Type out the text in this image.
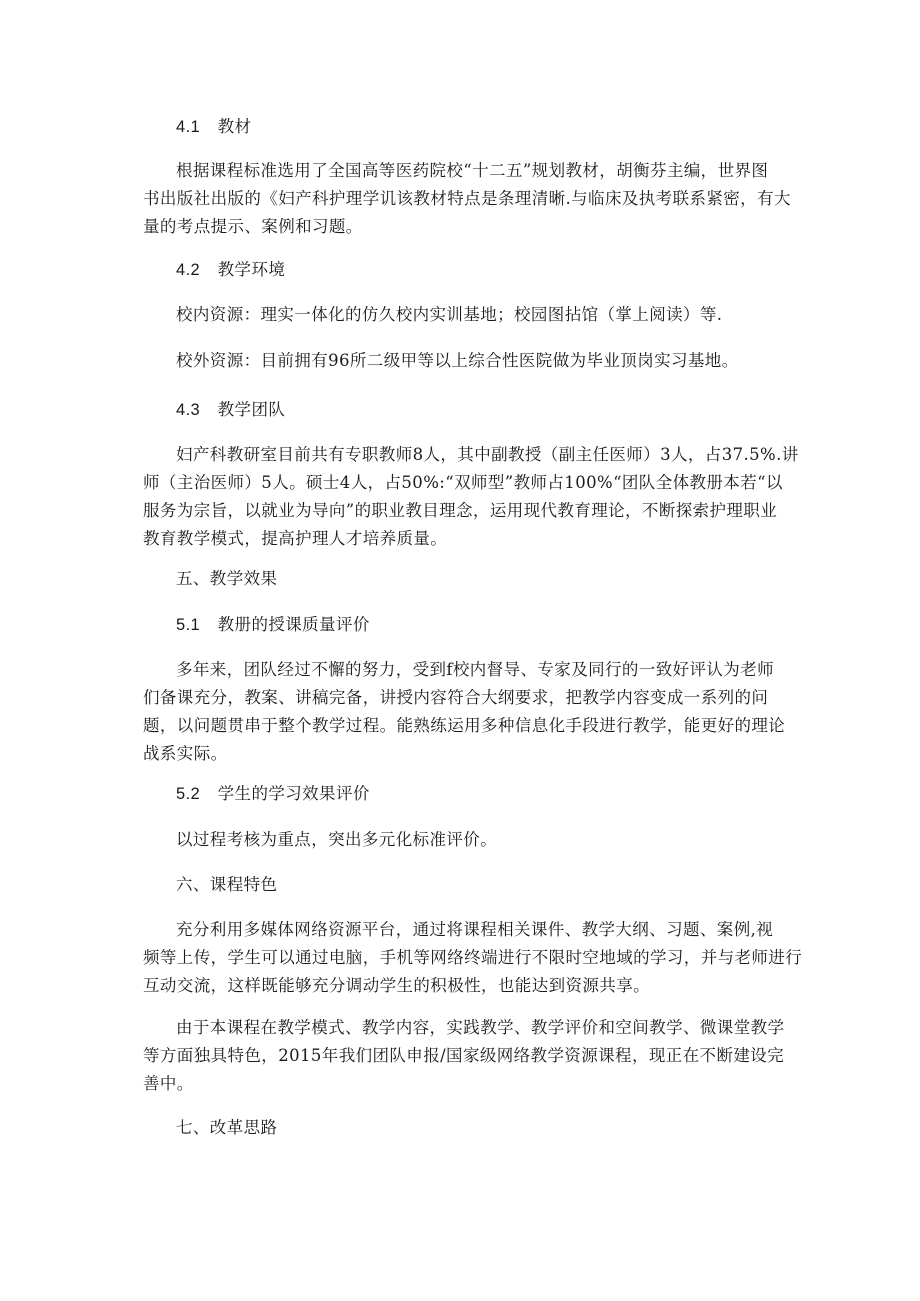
4.1 教材
根据课程标准选用了全国高等医药院校“十二五”规划教材，胡衡芬主编，世界图
书出版社出版的《妇产科护理学讥该教材特点是条理清晰.与临床及执考联系紧密，有大
量的考点提示、案例和习题。
4.2 教学环境
校内资源：理实一体化的仿久校内实训基地；校园图拈馆（掌上阅读）等.
校外资源：目前拥有96所二级甲等以上综合性医院做为毕业顶岗实习基地。
4.3 教学团队
妇产科教研室目前共有专职教师8人，其中副教授（副主任医师）3人，占37.5%.讲
师（主治医师）5人。硕士4人，占50%:“双师型”教师占100%“团队全体教册本若“以
服务为宗旨，以就业为导向”的职业教目理念，运用现代教育理论，不断探索护理职业
教育教学模式，提高护理人才培养质量。
五、教学效果
5.1 教册的授课质量评价
多年来，团队经过不懈的努力，受到f校内督导、专家及同行的一致好评认为老师
们备课充分，教案、讲稿完备，讲授内容符合大纲要求，把教学内容变成一系列的问
题，以问题贯串于整个教学过程。能熟练运用多种信息化手段进行教学，能更好的理论
战系实际。
5.2 学生的学习效果评价
以过程考核为重点，突出多元化标准评价。
六、课程特色
充分利用多媒体网络资源平台，通过将课程相关课件、教学大纲、习题、案例,视
频等上传，学生可以通过电脑，手机等网络终端进行不限时空地域的学习，并与老师进行
互动交流，这样既能够充分调动学生的积极性，也能达到资源共享。
由于本课程在教学模式、教学内容，实践教学、教学评价和空间教学、微课堂教学
等方面独具特色，2015年我们团队申报/国家级网络教学资源课程，现正在不断建设完
善中。
七、改革思路
